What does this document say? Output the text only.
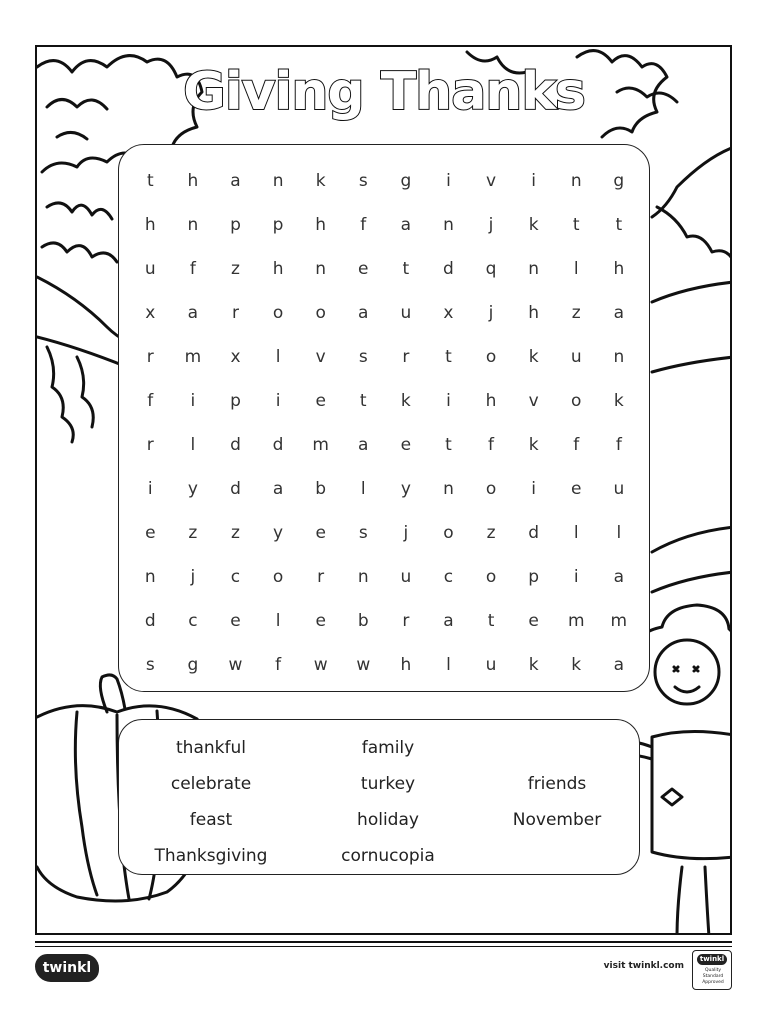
Giving Thanks
t	h	a	n	k	s	g	i	v	i	n	g
h	n	p	p	h	f	a	n	j	k	t	t
u	f	z	h	n	e	t	d	q	n	l	h
x	a	r	o	o	a	u	x	j	h	z	a
r	m	x	l	v	s	r	t	o	k	u	n
f	i	p	i	e	t	k	i	h	v	o	k
r	l	d	d	m	a	e	t	f	k	f	f
i	y	d	a	b	l	y	n	o	i	e	u
e	z	z	y	e	s	j	o	z	d	l	l
n	j	c	o	r	n	u	c	o	p	i	a
d	c	e	l	e	b	r	a	t	e	m	m
s	g	w	f	w	w	h	l	u	k	k	a
thankful	family
celebrate	turkey	friends
feast	holiday	November
Thanksgiving	cornucopia
twinkl	visit twinkl.com
twinkl
Quality Standard Approved
